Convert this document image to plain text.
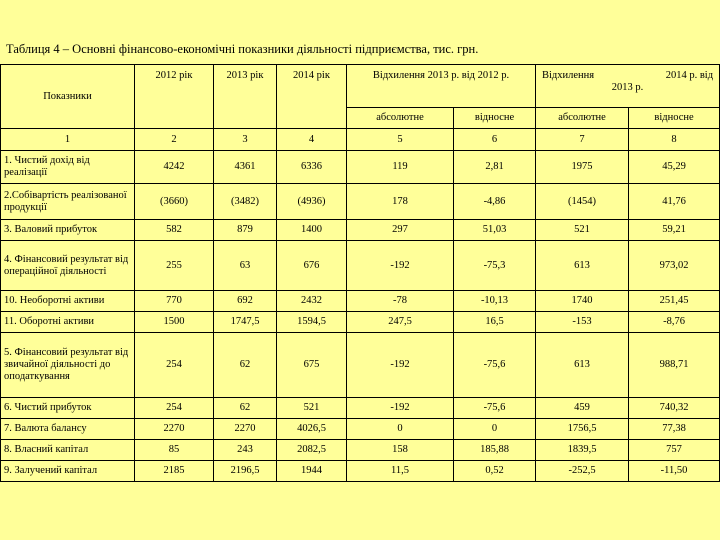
Таблиця 4 – Основні фінансово-економічні показники діяльності підприємства, тис. грн.
Показники	2012 рік	2013 рік	2014 рік	Відхилення 2013 р. від 2012 р.		Відхилення 2014 р. від
2013 р.	

				абсолютне	відносне	абсолютне	відносне
1	2	3	4	5	6	7	8
1. Чистий дохід від реалізації	4242	4361	6336	119	2,81	1975	45,29
2.Собівартість реалізованої продукції	(3660)	(3482)	(4936)	178	-4,86	(1454)	41,76
3. Валовий прибуток	582	879	1400	297	51,03	521	59,21
4. Фінансовий результат від операційної діяльності	255	63	676	-192	-75,3	613	973,02
10. Необоротні активи	770	692	2432	-78	-10,13	1740	251,45
11. Оборотні активи	1500	1747,5	1594,5	247,5	16,5	-153	-8,76
5. Фінансовий результат від звичайної діяльності до оподаткування	254	62	675	-192	-75,6	613	988,71
6. Чистий прибуток	254	62	521	-192	-75,6	459	740,32
7. Валюта балансу	2270	2270	4026,5	0	0	1756,5	77,38
8. Власний капітал	85	243	2082,5	158	185,88	1839,5	757
9. Залучений капітал	2185	2196,5	1944	11,5	0,52	-252,5	-11,50
